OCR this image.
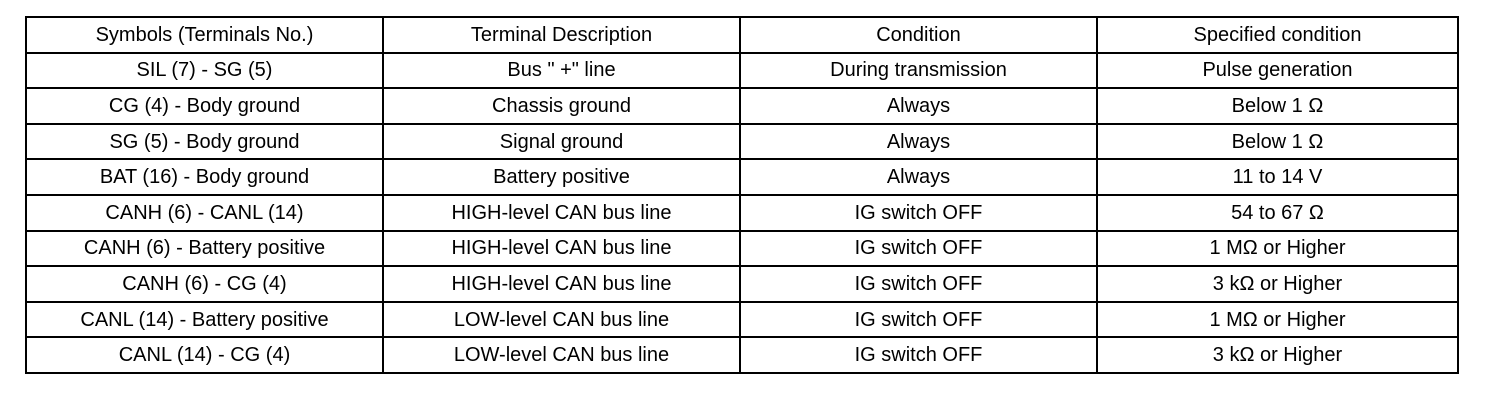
Symbols (Terminals No.)	Terminal Description	Condition	Specified condition
SIL (7) - SG (5)	Bus " +" line	During transmission	Pulse generation
CG (4) - Body ground	Chassis ground	Always	Below 1 Ω
SG (5) - Body ground	Signal ground	Always	Below 1 Ω
BAT (16) - Body ground	Battery positive	Always	11 to 14 V
CANH (6) - CANL (14)	HIGH-level CAN bus line	IG switch OFF	54 to 67 Ω
CANH (6) - Battery positive	HIGH-level CAN bus line	IG switch OFF	1 MΩ or Higher
CANH (6) - CG (4)	HIGH-level CAN bus line	IG switch OFF	3 kΩ or Higher
CANL (14) - Battery positive	LOW-level CAN bus line	IG switch OFF	1 MΩ or Higher
CANL (14) - CG (4)	LOW-level CAN bus line	IG switch OFF	3 kΩ or Higher
